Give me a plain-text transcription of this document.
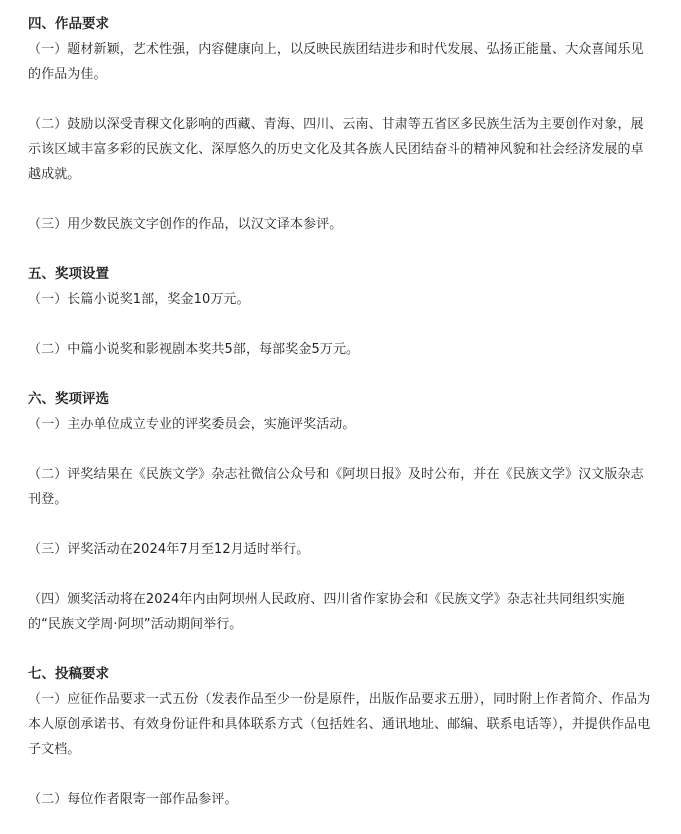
四、作品要求

（一）题材新颖，艺术性强，内容健康向上，以反映民族团结进步和时代发展、弘扬正能量、大众喜闻乐见的作品为佳。

（二）鼓励以深受青稞文化影响的西藏、青海、四川、云南、甘肃等五省区多民族生活为主要创作对象，展示该区域丰富多彩的民族文化、深厚悠久的历史文化及其各族人民团结奋斗的精神风貌和社会经济发展的卓越成就。

（三）用少数民族文字创作的作品，以汉文译本参评。

五、奖项设置

（一）长篇小说奖1部，奖金10万元。

（二）中篇小说奖和影视剧本奖共5部，每部奖金5万元。

六、奖项评选

（一）主办单位成立专业的评奖委员会，实施评奖活动。

（二）评奖结果在《民族文学》杂志社微信公众号和《阿坝日报》及时公布，并在《民族文学》汉文版杂志刊登。

（三）评奖活动在2024年7月至12月适时举行。

（四）颁奖活动将在2024年内由阿坝州人民政府、四川省作家协会和《民族文学》杂志社共同组织实施的“民族文学周·阿坝”活动期间举行。

七、投稿要求

（一）应征作品要求一式五份（发表作品至少一份是原件，出版作品要求五册），同时附上作者简介、作品为本人原创承诺书、有效身份证件和具体联系方式（包括姓名、通讯地址、邮编、联系电话等），并提供作品电子文档。

（二）每位作者限寄一部作品参评。
